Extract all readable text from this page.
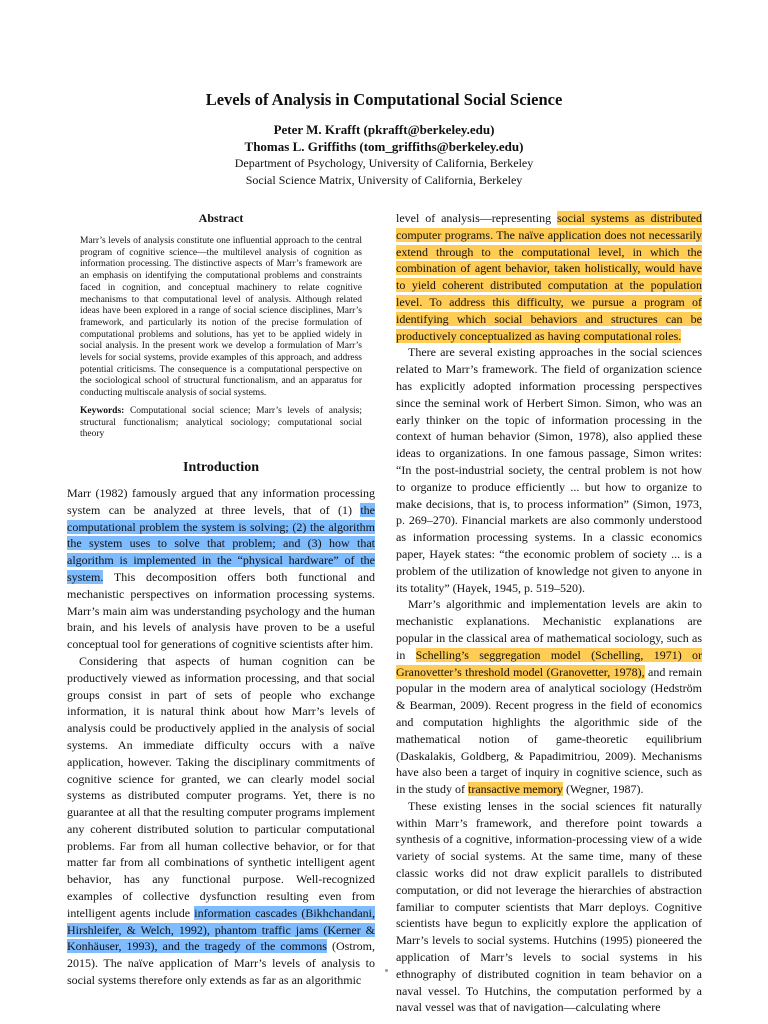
Levels of Analysis in Computational Social Science
Peter M. Krafft (pkrafft@berkeley.edu)
Thomas L. Griffiths (tom_griffiths@berkeley.edu)
Department of Psychology, University of California, Berkeley
Social Science Matrix, University of California, Berkeley
Abstract

Marr’s levels of analysis constitute one influential approach to the central program of cognitive science—the multilevel analysis of cognition as information processing. The distinctive aspects of Marr’s framework are an emphasis on identifying the computational problems and constraints faced in cognition, and conceptual machinery to relate cognitive mechanisms to that computational level of analysis. Although related ideas have been explored in a range of social science disciplines, Marr’s framework, and particularly its notion of the precise formulation of computational problems and solutions, has yet to be applied widely in social analysis. In the present work we develop a formulation of Marr’s levels for social systems, provide examples of this approach, and address potential criticisms. The consequence is a computational perspective on the sociological school of structural functionalism, and an apparatus for conducting multiscale analysis of social systems.

Keywords: Computational social science; Marr’s levels of analysis; structural functionalism; analytical sociology; computational social theory

Introduction

Marr (1982) famously argued that any information processing system can be analyzed at three levels, that of (1) the computational problem the system is solving; (2) the algorithm the system uses to solve that problem; and (3) how that algorithm is implemented in the “physical hardware” of the system. This decomposition offers both functional and mechanistic perspectives on information processing systems. Marr’s main aim was understanding psychology and the human brain, and his levels of analysis have proven to be a useful conceptual tool for generations of cognitive scientists after him.

Considering that aspects of human cognition can be productively viewed as information processing, and that social groups consist in part of sets of people who exchange information, it is natural think about how Marr’s levels of analysis could be productively applied in the analysis of social systems. An immediate difficulty occurs with a naïve application, however. Taking the disciplinary commitments of cognitive science for granted, we can clearly model social systems as distributed computer programs. Yet, there is no guarantee at all that the resulting computer programs implement any coherent distributed solution to particular computational problems. Far from all human collective behavior, or for that matter far from all combinations of synthetic intelligent agent behavior, has any functional purpose. Well-recognized examples of collective dysfunction resulting even from intelligent agents include information cascades (Bikhchandani, Hirshleifer, & Welch, 1992), phantom traffic jams (Kerner & Konhäuser, 1993), and the tragedy of the commons (Ostrom, 2015). The naïve application of Marr’s levels of analysis to social systems therefore only extends as far as an algorithmic

level of analysis—representing social systems as distributed computer programs. The naïve application does not necessarily extend through to the computational level, in which the combination of agent behavior, taken holistically, would have to yield coherent distributed computation at the population level. To address this difficulty, we pursue a program of identifying which social behaviors and structures can be productively conceptualized as having computational roles.

There are several existing approaches in the social sciences related to Marr’s framework. The field of organization science has explicitly adopted information processing perspectives since the seminal work of Herbert Simon. Simon, who was an early thinker on the topic of information processing in the context of human behavior (Simon, 1978), also applied these ideas to organizations. In one famous passage, Simon writes: “In the post-industrial society, the central problem is not how to organize to produce efficiently ... but how to organize to make decisions, that is, to process information” (Simon, 1973, p. 269–270). Financial markets are also commonly understood as information processing systems. In a classic economics paper, Hayek states: “the economic problem of society ... is a problem of the utilization of knowledge not given to anyone in its totality” (Hayek, 1945, p. 519–520).

Marr’s algorithmic and implementation levels are akin to mechanistic explanations. Mechanistic explanations are popular in the classical area of mathematical sociology, such as in Schelling’s seggregation model (Schelling, 1971) or Granovetter’s threshold model (Granovetter, 1978), and remain popular in the modern area of analytical sociology (Hedström & Bearman, 2009). Recent progress in the field of economics and computation highlights the algorithmic side of the mathematical notion of game-theoretic equilibrium (Daskalakis, Goldberg, & Papadimitriou, 2009). Mechanisms have also been a target of inquiry in cognitive science, such as in the study of transactive memory (Wegner, 1987).

These existing lenses in the social sciences fit naturally within Marr’s framework, and therefore point towards a synthesis of a cognitive, information-processing view of a wide variety of social systems. At the same time, many of these classic works did not draw explicit parallels to distributed computation, or did not leverage the hierarchies of abstraction familiar to computer scientists that Marr deploys. Cognitive scientists have begun to explicitly explore the application of Marr’s levels to social systems. Hutchins (1995) pioneered the application of Marr’s levels to social systems in his ethnography of distributed cognition in team behavior on a naval vessel. To Hutchins, the computation performed by a naval vessel was that of navigation—calculating where
